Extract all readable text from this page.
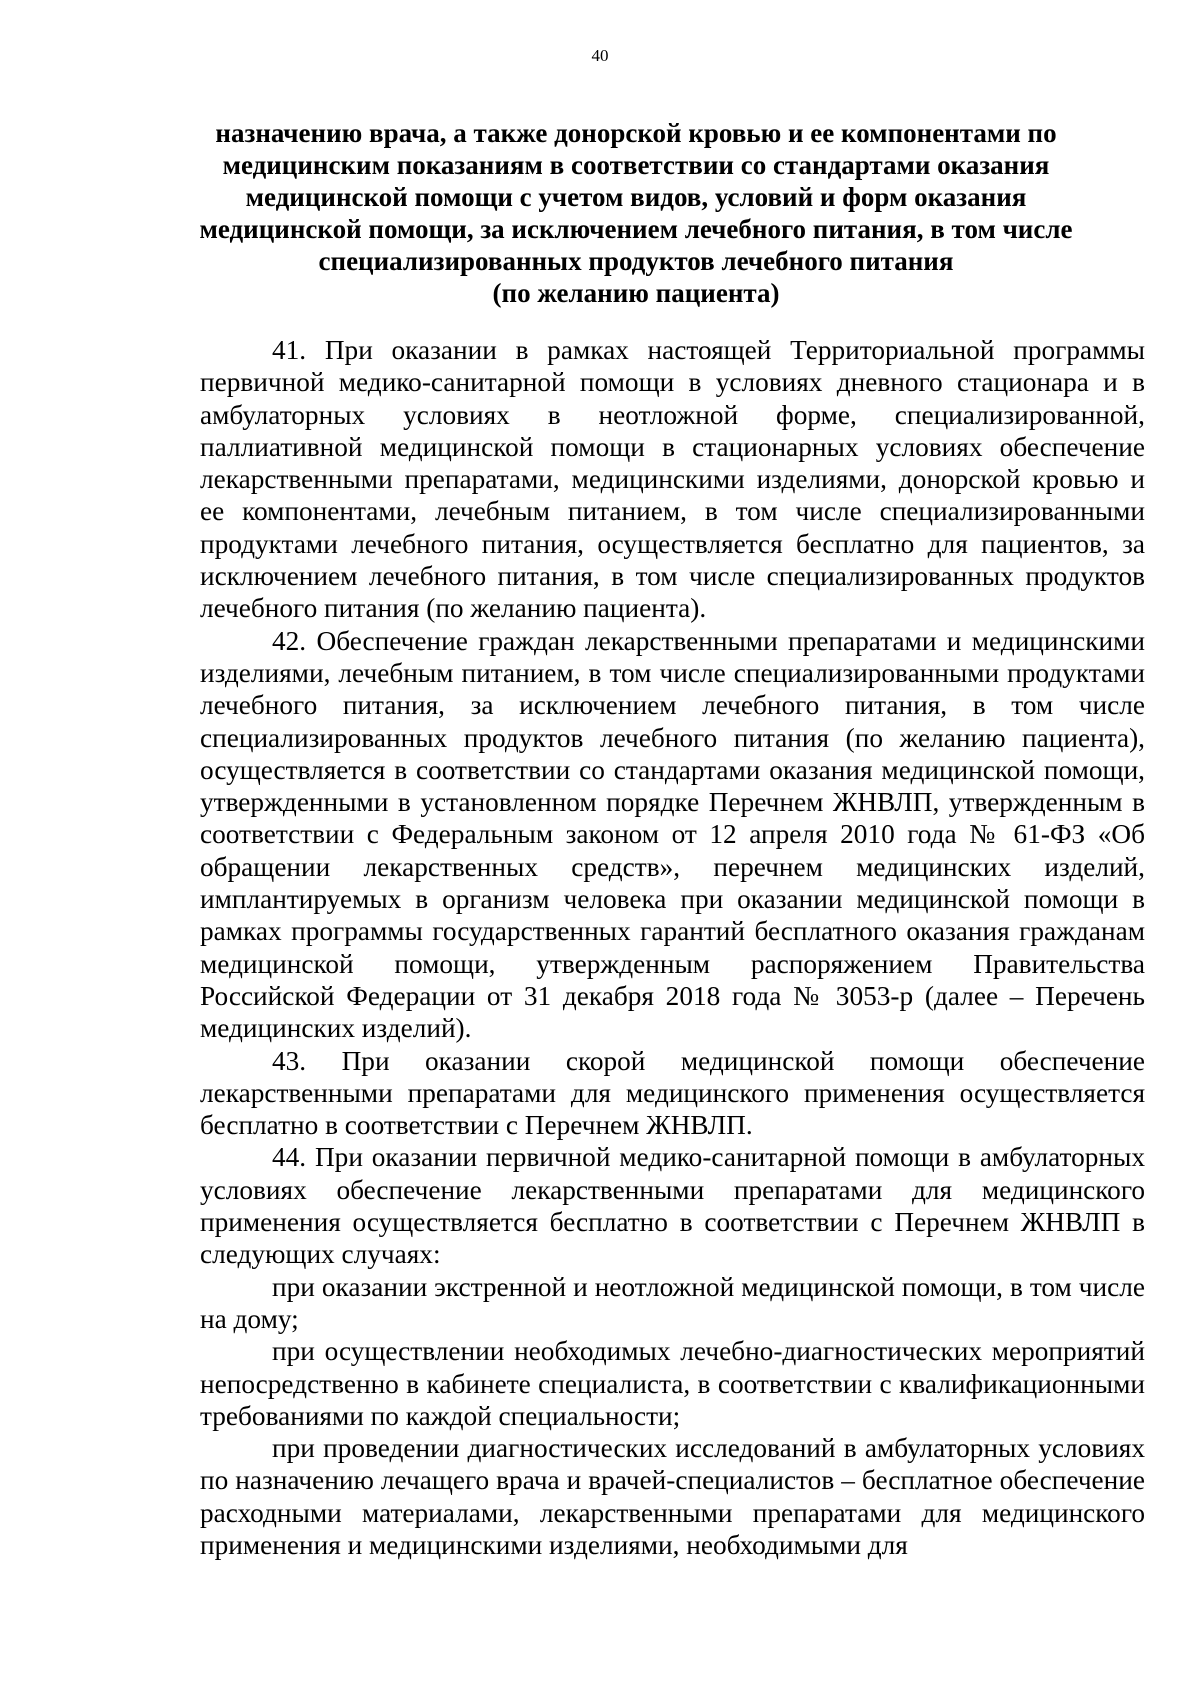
40
назначению врача, а также донорской кровью и ее компонентами по
медицинским показаниям в соответствии со стандартами оказания
медицинской помощи с учетом видов, условий и форм оказания
медицинской помощи, за исключением лечебного питания, в том числе
специализированных продуктов лечебного питания
(по желанию пациента)

41. При оказании в рамках настоящей Территориальной программы первичной медико-санитарной помощи в условиях дневного стационара и в амбулаторных условиях в неотложной форме, специализированной, паллиативной медицинской помощи в стационарных условиях обеспечение лекарственными препаратами, медицинскими изделиями, донорской кровью и ее компонентами, лечебным питанием, в том числе специализированными продуктами лечебного питания, осуществляется бесплатно для пациентов, за исключением лечебного питания, в том числе специализированных продуктов лечебного питания (по желанию пациента).

42. Обеспечение граждан лекарственными препаратами и медицинскими изделиями, лечебным питанием, в том числе специализированными продуктами лечебного питания, за исключением лечебного питания, в том числе специализированных продуктов лечебного питания (по желанию пациента), осуществляется в соответствии со стандартами оказания медицинской помощи, утвержденными в установленном порядке Перечнем ЖНВЛП, утвержденным в соответствии с Федеральным законом от 12 апреля 2010 года № 61-ФЗ «Об обращении лекарственных средств», перечнем медицинских изделий, имплантируемых в организм человека при оказании медицинской помощи в рамках программы государственных гарантий бесплатного оказания гражданам медицинской помощи, утвержденным распоряжением Правительства Российской Федерации от 31 декабря 2018 года № 3053-р (далее – Перечень медицинских изделий).

43. При оказании скорой медицинской помощи обеспечение лекарственными препаратами для медицинского применения осуществляется бесплатно в соответствии с Перечнем ЖНВЛП.

44. При оказании первичной медико-санитарной помощи в амбулаторных условиях обеспечение лекарственными препаратами для медицинского применения осуществляется бесплатно в соответствии с Перечнем ЖНВЛП в следующих случаях:

при оказании экстренной и неотложной медицинской помощи, в том числе на дому;

при осуществлении необходимых лечебно-диагностических мероприятий непосредственно в кабинете специалиста, в соответствии с квалификационными требованиями по каждой специальности;

при проведении диагностических исследований в амбулаторных условиях по назначению лечащего врача и врачей-специалистов – бесплатное обеспечение расходными материалами, лекарственными препаратами для медицинского применения и медицинскими изделиями, необходимыми для
